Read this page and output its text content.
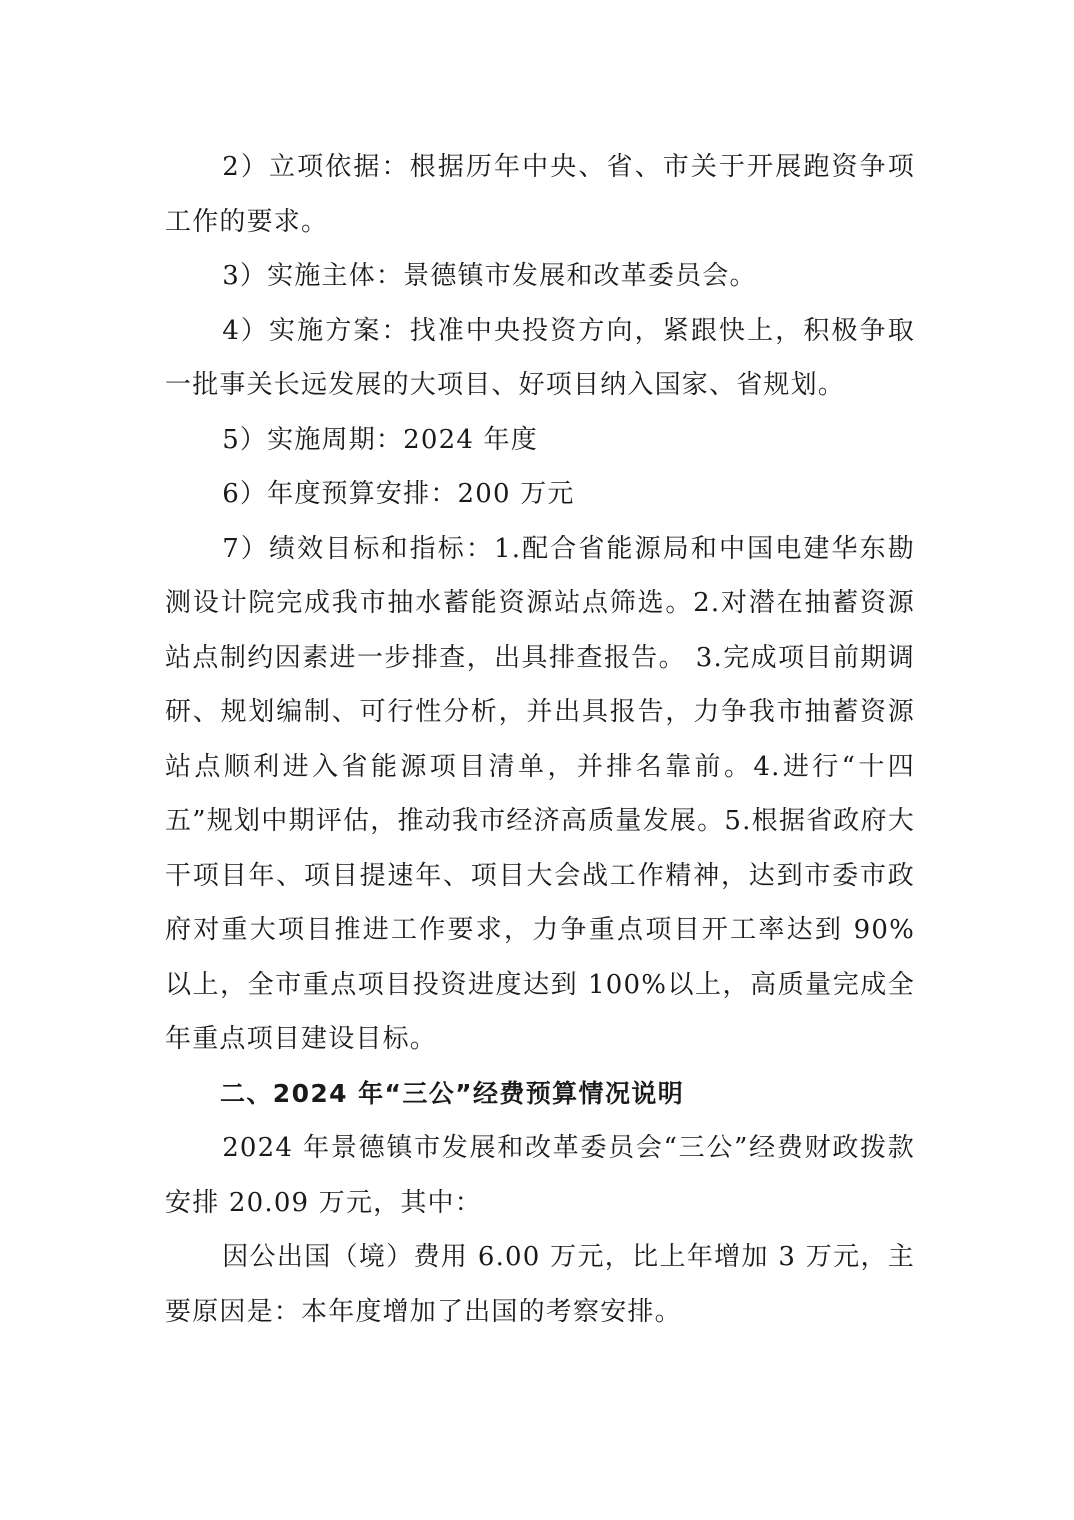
2）立项依据：根据历年中央、省、市关于开展跑资争项工作的要求。

3）实施主体：景德镇市发展和改革委员会。

4）实施方案：找准中央投资方向，紧跟快上，积极争取一批事关长远发展的大项目、好项目纳入国家、省规划。

5）实施周期：2024 年度

6）年度预算安排：200 万元

7）绩效目标和指标：1.配合省能源局和中国电建华东勘测设计院完成我市抽水蓄能资源站点筛选。2.对潜在抽蓄资源站点制约因素进一步排查，出具排查报告。 3.完成项目前期调研、规划编制、可行性分析，并出具报告，力争我市抽蓄资源站点顺利进入省能源项目清单，并排名靠前。4.进行“十四五”规划中期评估，推动我市经济高质量发展。5.根据省政府大干项目年、项目提速年、项目大会战工作精神，达到市委市政府对重大项目推进工作要求，力争重点项目开工率达到 90%以上，全市重点项目投资进度达到 100%以上，高质量完成全年重点项目建设目标。

二、2024 年“三公”经费预算情况说明

2024 年景德镇市发展和改革委员会“三公”经费财政拨款安排 20.09 万元，其中：

因公出国（境）费用 6.00 万元，比上年增加 3 万元，主要原因是：本年度增加了出国的考察安排。
